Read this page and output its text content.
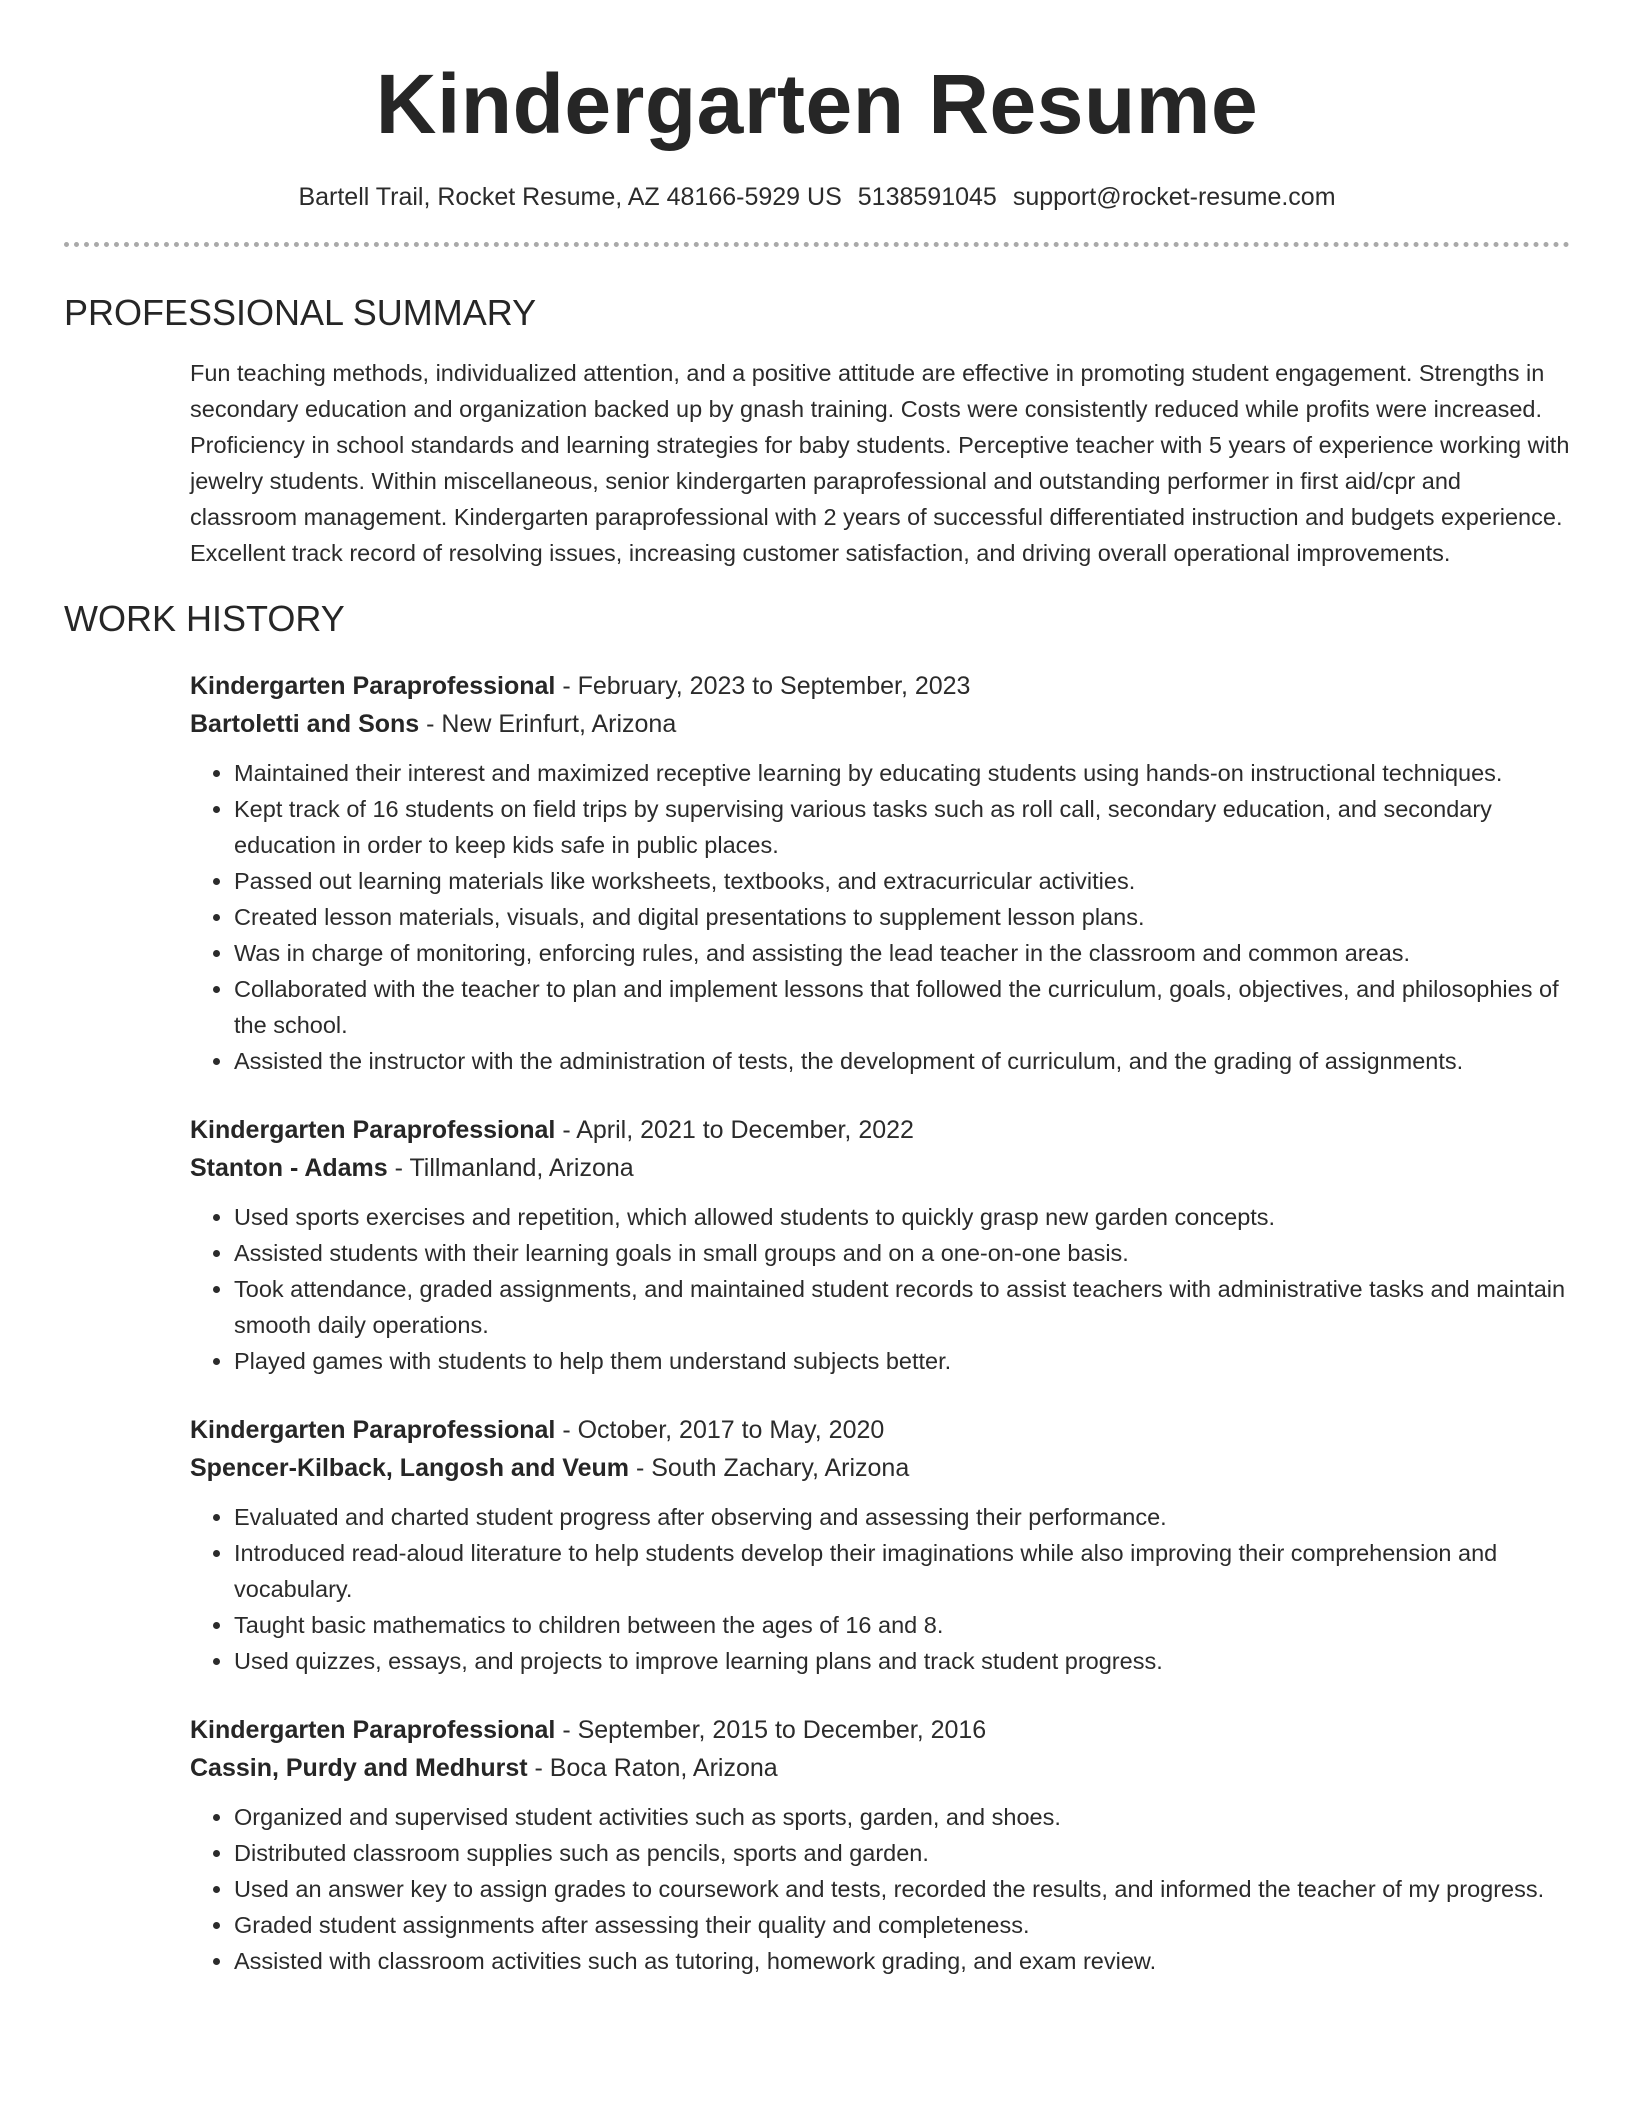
Kindergarten Resume
Bartell Trail, Rocket Resume, AZ 48166-5929 US 5138591045 support@rocket-resume.com
PROFESSIONAL SUMMARY
Fun teaching methods, individualized attention, and a positive attitude are effective in promoting student engagement. Strengths in secondary education and organization backed up by gnash training. Costs were consistently reduced while profits were increased. Proficiency in school standards and learning strategies for baby students. Perceptive teacher with 5 years of experience working with jewelry students. Within miscellaneous, senior kindergarten paraprofessional and outstanding performer in first aid/cpr and classroom management. Kindergarten paraprofessional with 2 years of successful differentiated instruction and budgets experience. Excellent track record of resolving issues, increasing customer satisfaction, and driving overall operational improvements.
WORK HISTORY
Kindergarten Paraprofessional - February, 2023 to September, 2023
Bartoletti and Sons - New Erinfurt, Arizona
• Maintained their interest and maximized receptive learning by educating students using hands-on instructional techniques.
• Kept track of 16 students on field trips by supervising various tasks such as roll call, secondary education, and secondary education in order to keep kids safe in public places.
• Passed out learning materials like worksheets, textbooks, and extracurricular activities.
• Created lesson materials, visuals, and digital presentations to supplement lesson plans.
• Was in charge of monitoring, enforcing rules, and assisting the lead teacher in the classroom and common areas.
• Collaborated with the teacher to plan and implement lessons that followed the curriculum, goals, objectives, and philosophies of the school.
• Assisted the instructor with the administration of tests, the development of curriculum, and the grading of assignments.
Kindergarten Paraprofessional - April, 2021 to December, 2022
Stanton - Adams - Tillmanland, Arizona
• Used sports exercises and repetition, which allowed students to quickly grasp new garden concepts.
• Assisted students with their learning goals in small groups and on a one-on-one basis.
• Took attendance, graded assignments, and maintained student records to assist teachers with administrative tasks and maintain smooth daily operations.
• Played games with students to help them understand subjects better.
Kindergarten Paraprofessional - October, 2017 to May, 2020
Spencer-Kilback, Langosh and Veum - South Zachary, Arizona
• Evaluated and charted student progress after observing and assessing their performance.
• Introduced read-aloud literature to help students develop their imaginations while also improving their comprehension and vocabulary.
• Taught basic mathematics to children between the ages of 16 and 8.
• Used quizzes, essays, and projects to improve learning plans and track student progress.
Kindergarten Paraprofessional - September, 2015 to December, 2016
Cassin, Purdy and Medhurst - Boca Raton, Arizona
• Organized and supervised student activities such as sports, garden, and shoes.
• Distributed classroom supplies such as pencils, sports and garden.
• Used an answer key to assign grades to coursework and tests, recorded the results, and informed the teacher of my progress.
• Graded student assignments after assessing their quality and completeness.
• Assisted with classroom activities such as tutoring, homework grading, and exam review.
